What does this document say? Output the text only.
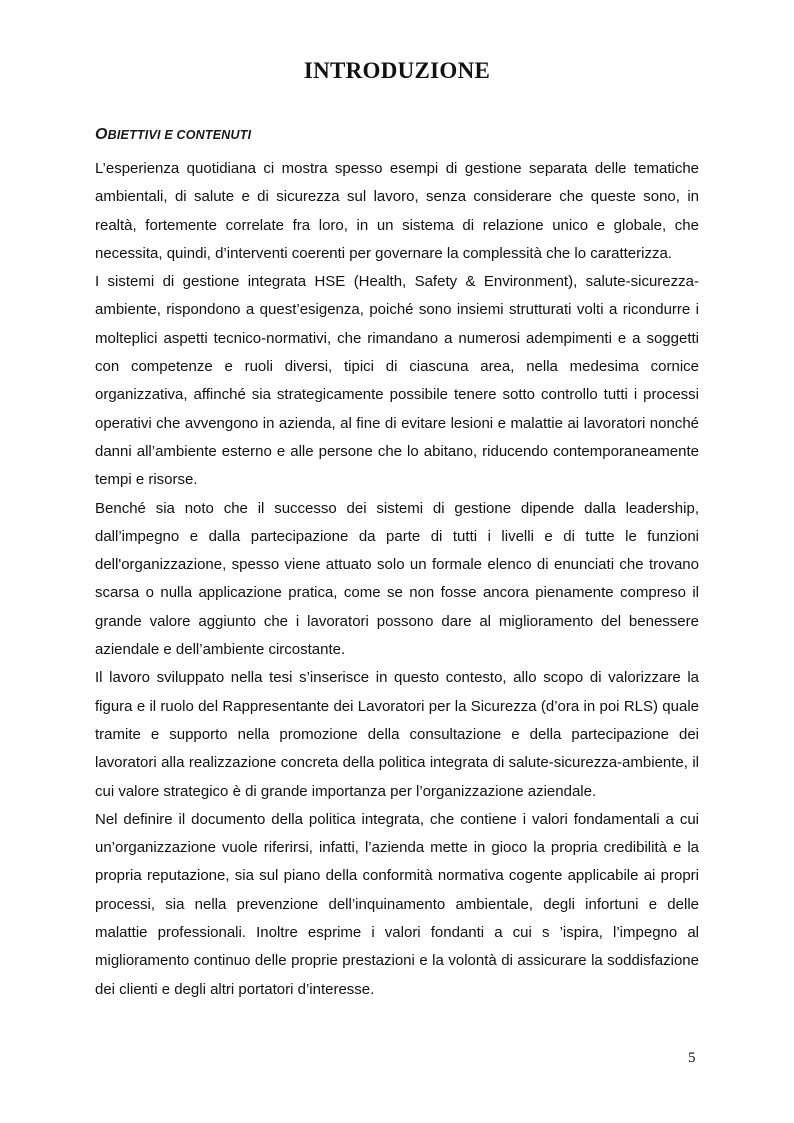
INTRODUZIONE
OBIETTIVI E CONTENUTI

L’esperienza quotidiana ci mostra spesso esempi di gestione separata delle tematiche ambientali, di salute e di sicurezza sul lavoro, senza considerare che queste sono, in realtà, fortemente correlate fra loro, in un sistema di relazione unico e globale, che necessita, quindi, d’interventi coerenti per governare la complessità che lo caratterizza.

I sistemi di gestione integrata HSE (Health, Safety & Environment), salute-sicurezza-ambiente, rispondono a quest’esigenza, poiché sono insiemi strutturati volti a ricondurre i molteplici aspetti tecnico-normativi, che rimandano a numerosi adempimenti e a soggetti con competenze e ruoli diversi, tipici di ciascuna area, nella medesima cornice organizzativa, affinché sia strategicamente possibile tenere sotto controllo tutti i processi operativi che avvengono in azienda, al fine di evitare lesioni e malattie ai lavoratori nonché danni all’ambiente esterno e alle persone che lo abitano, riducendo contemporaneamente tempi e risorse.

Benché sia noto che il successo dei sistemi di gestione dipende dalla leadership, dall’impegno e dalla partecipazione da parte di tutti i livelli e di tutte le funzioni dell'organizzazione, spesso viene attuato solo un formale elenco di enunciati che trovano scarsa o nulla applicazione pratica, come se non fosse ancora pienamente compreso il grande valore aggiunto che i lavoratori possono dare al miglioramento del benessere aziendale e dell’ambiente circostante.

Il lavoro sviluppato nella tesi s’inserisce in questo contesto, allo scopo di valorizzare la figura e il ruolo del Rappresentante dei Lavoratori per la Sicurezza (d’ora in poi RLS) quale tramite e supporto nella promozione della consultazione e della partecipazione dei lavoratori alla realizzazione concreta della politica integrata di salute-sicurezza-ambiente, il cui valore strategico è di grande importanza per l’organizzazione aziendale.

Nel definire il documento della politica integrata, che contiene i valori fondamentali a cui un’organizzazione vuole riferirsi, infatti, l’azienda mette in gioco la propria credibilità e la propria reputazione, sia sul piano della conformità normativa cogente applicabile ai propri processi, sia nella prevenzione dell’inquinamento ambientale, degli infortuni e delle malattie professionali. Inoltre esprime i valori fondanti a cui s ’ispira, l’impegno al miglioramento continuo delle proprie prestazioni e la volontà di assicurare la soddisfazione dei clienti e degli altri portatori d’interesse.

5
